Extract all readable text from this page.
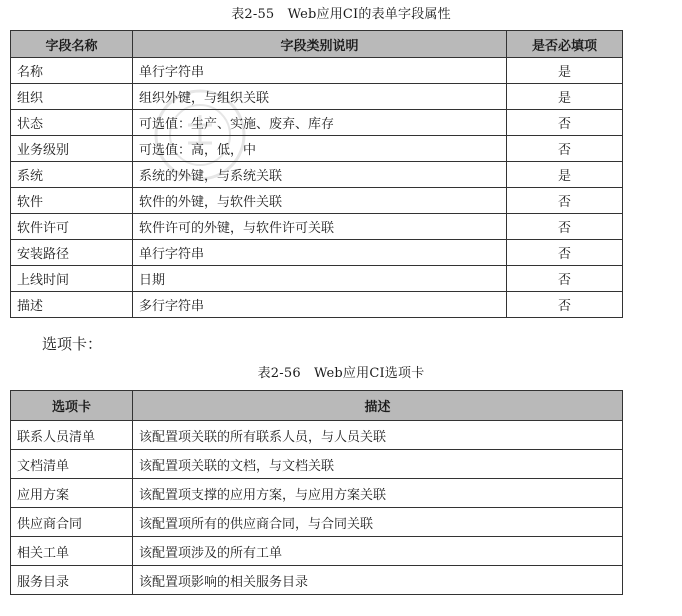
表2-55　Web应用CI的表单字段属性
字段名称	字段类别说明	是否必填项
名称	单行字符串	是
组织	组织外键，与组织关联	是
状态	可选值：生产、实施、废弃、库存	否
业务级别	可选值：高，低，中	否
系统	系统的外键，与系统关联	是
软件	软件的外键，与软件关联	否
软件许可	软件许可的外键，与软件许可关联	否
安装路径	单行字符串	否
上线时间	日期	否
描述	多行字符串	否
选项卡：
表2-56　Web应用CI选项卡
选项卡	描述
联系人员清单	该配置项关联的所有联系人员，与人员关联
文档清单	该配置项关联的文档，与文档关联
应用方案	该配置项支撑的应用方案，与应用方案关联
供应商合同	该配置项所有的供应商合同，与合同关联
相关工单	该配置项涉及的所有工单
服务目录	该配置项影响的相关服务目录
